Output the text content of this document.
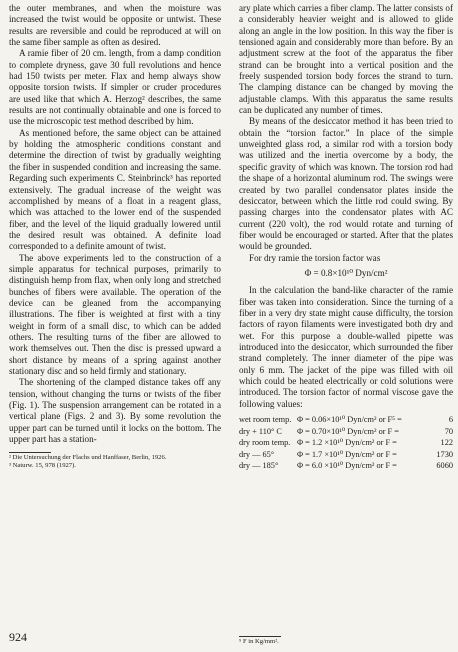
the outer membranes, and when the moisture was increased the twist would be opposite or untwist. These results are reversible and could be reproduced at will on the same fiber sample as often as desired.

A ramie fiber of 20 cm. length, from a damp condition to complete dryness, gave 30 full revolutions and hence had 150 twists per meter. Flax and hemp always show opposite torsion twists. If simpler or cruder procedures are used like that which A. Herzog² describes, the same results are not continually obtainable and one is forced to use the microscopic test method described by him.

As mentioned before, the same object can be attained by holding the atmospheric conditions constant and determine the direction of twist by gradually weighting the fiber in suspended condition and increasing the same. Regarding such experiments C. Steinbrinck³ has reported extensively. The gradual increase of the weight was accomplished by means of a float in a reagent glass, which was attached to the lower end of the suspended fiber, and the level of the liquid gradually lowered until the desired result was obtained. A definite load corresponded to a definite amount of twist.

The above experiments led to the construction of a simple apparatus for technical purposes, primarily to distinguish hemp from flax, when only long and stretched bunches of fibers were available. The operation of the device can be gleaned from the accompanying illustrations. The fiber is weighted at first with a tiny weight in form of a small disc, to which can be added others. The resulting turns of the fiber are allowed to work themselves out. Then the disc is pressed upward a short distance by means of a spring against another stationary disc and so held firmly and stationary.

The shortening of the clamped distance takes off any tension, without changing the turns or twists of the fiber (Fig. 1). The suspension arrangement can be rotated in a vertical plane (Figs. 2 and 3). By some revolution the upper part can be turned until it locks on the bottom. The upper part has a station-

² Die Untersuchung der Flachs und Hanffaser, Berlin, 1926.

³ Naturw. 15, 978 (1927).

924

ary plate which carries a fiber clamp. The latter consists of a considerably heavier weight and is allowed to glide along an angle in the low position. In this way the fiber is tensioned again and considerably more than before. By an adjustment screw at the foot of the apparatus the fiber strand can be brought into a vertical position and the freely suspended torsion body forces the strand to turn. The clamping distance can be changed by moving the adjustable clamps. With this apparatus the same results can be duplicated any number of times.

By means of the desiccator method it has been tried to obtain the “torsion factor.” In place of the simple unweighted glass rod, a similar rod with a torsion body was utilized and the inertia overcome by a body, the specific gravity of which was known. The torsion rod had the shape of a horizontal aluminum rod. The swings were created by two parallel condensator plates inside the desiccator, between which the little rod could swing. By passing charges into the condensator plates with AC current (220 volt), the rod would rotate and turning of fiber would be encouraged or started. After that the plates would be grounded.

For dry ramie the torsion factor was

Φ = 0.8×10¹⁰ Dyn/cm²

In the calculation the band-like character of the ramie fiber was taken into consideration. Since the turning of a fiber in a very dry state might cause difficulty, the torsion factors of rayon filaments were investigated both dry and wet. For this purpose a double-walled pipette was introduced into the desiccator, which surrounded the fiber strand completely. The inner diameter of the pipe was only 6 mm. The jacket of the pipe was filled with oil which could be heated electrically or cold solutions were introduced. The torsion factor of normal viscose gave the following values:

wet room temp. Φ = 0.06×10¹⁰ Dyn/cm² or F⁵ =	6
dry + 110° C	Φ = 0.70×10¹⁰ Dyn/cm² or F =	70
dry room temp. Φ = 1.2 ×10¹⁰ Dyn/cm² or F =	122
dry — 65°	Φ = 1.7 ×10¹⁰ Dyn/cm² or F =	1730
dry — 185°	Φ = 6.0 ×10¹⁰ Dyn/cm² or F =	6060

⁵ F in Kg/mm².
